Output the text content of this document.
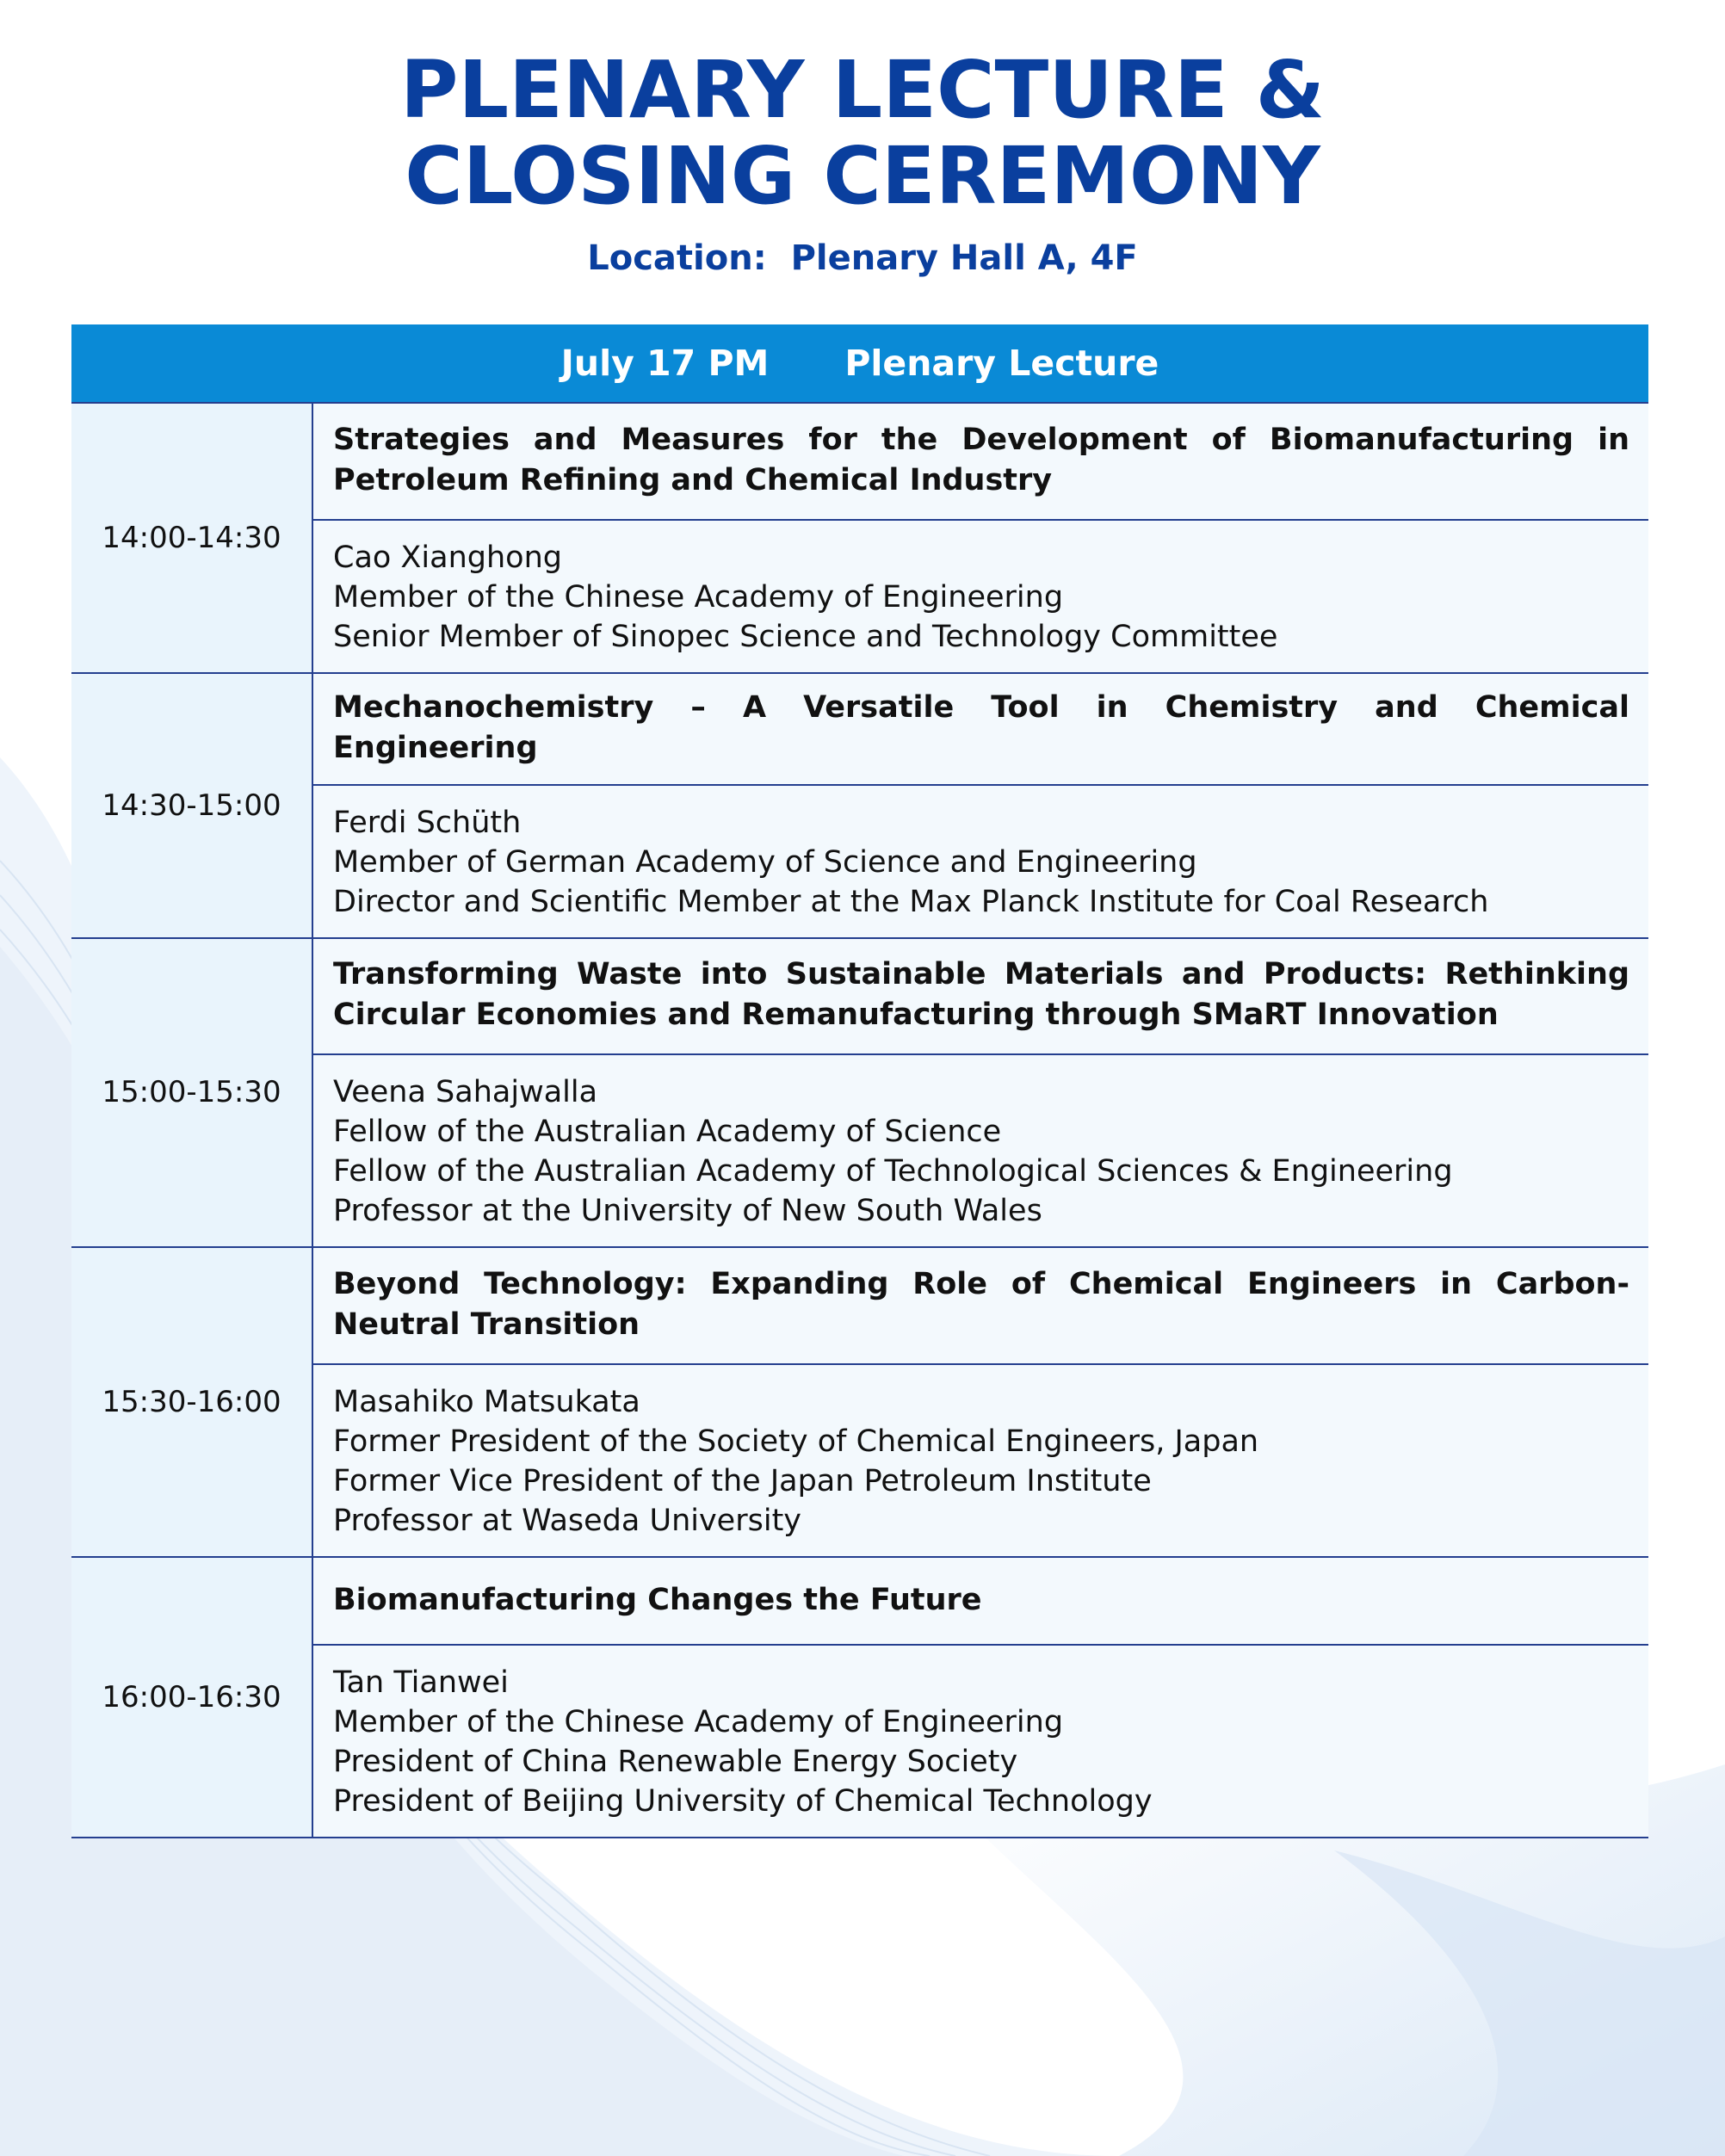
PLENARY LECTURE &
CLOSING CEREMONY
Location: Plenary Hall A, 4F
July 17 PM Plenary Lecture	
14:00-14:30	Strategies and Measures for the Development of Biomanufacturing in Petroleum Refining and Chemical Industry

	Cao Xianghong
Member of the Chinese Academy of Engineering
Senior Member of Sinopec Science and Technology Committee

14:30-15:00	Mechanochemistry – A Versatile Tool in Chemistry and Chemical Engineering

	Ferdi Schüth
Member of German Academy of Science and Engineering
Director and Scientific Member at the Max Planck Institute for Coal Research

15:00-15:30	Transforming Waste into Sustainable Materials and Products: Rethinking Circular Economies and Remanufacturing through SMaRT Innovation

	Veena Sahajwalla
Fellow of the Australian Academy of Science
Fellow of the Australian Academy of Technological Sciences & Engineering
Professor at the University of New South Wales

15:30-16:00	Beyond Technology: Expanding Role of Chemical Engineers in Carbon-Neutral Transition

	Masahiko Matsukata
Former President of the Society of Chemical Engineers, Japan
Former Vice President of the Japan Petroleum Institute
Professor at Waseda University

16:00-16:30	Biomanufacturing Changes the Future

	Tan Tianwei
Member of the Chinese Academy of Engineering
President of China Renewable Energy Society
President of Beijing University of Chemical Technology
